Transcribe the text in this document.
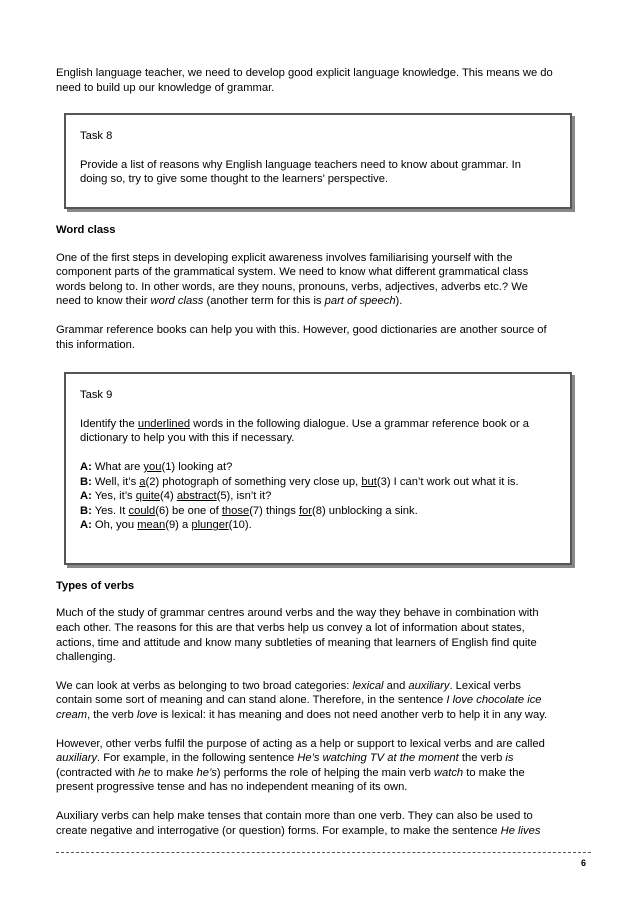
English language teacher, we need to develop good explicit language knowledge. This means we do
need to build up our knowledge of grammar.

Task 8

Provide a list of reasons why English language teachers need to know about grammar. In
doing so, try to give some thought to the learners’ perspective.

Word class

One of the first steps in developing explicit awareness involves familiarising yourself with the
component parts of the grammatical system. We need to know what different grammatical class
words belong to. In other words, are they nouns, pronouns, verbs, adjectives, adverbs etc.? We
need to know their word class (another term for this is part of speech).

Grammar reference books can help you with this. However, good dictionaries are another source of
this information.

Task 9

Identify the underlined words in the following dialogue. Use a grammar reference book or a
dictionary to help you with this if necessary.

A: What are you(1) looking at?
B: Well, it’s a(2) photograph of something very close up, but(3) I can’t work out what it is.
A: Yes, it’s quite(4) abstract(5), isn’t it?
B: Yes. It could(6) be one of those(7) things for(8) unblocking a sink.
A: Oh, you mean(9) a plunger(10).

Types of verbs

Much of the study of grammar centres around verbs and the way they behave in combination with
each other. The reasons for this are that verbs help us convey a lot of information about states,
actions, time and attitude and know many subtleties of meaning that learners of English find quite
challenging.

We can look at verbs as belonging to two broad categories: lexical and auxiliary. Lexical verbs
contain some sort of meaning and can stand alone. Therefore, in the sentence I love chocolate ice
cream, the verb love is lexical: it has meaning and does not need another verb to help it in any way.

However, other verbs fulfil the purpose of acting as a help or support to lexical verbs and are called
auxiliary. For example, in the following sentence He’s watching TV at the moment the verb is
(contracted with he to make he’s) performs the role of helping the main verb watch to make the
present progressive tense and has no independent meaning of its own.

Auxiliary verbs can help make tenses that contain more than one verb. They can also be used to
create negative and interrogative (or question) forms. For example, to make the sentence He lives

6
